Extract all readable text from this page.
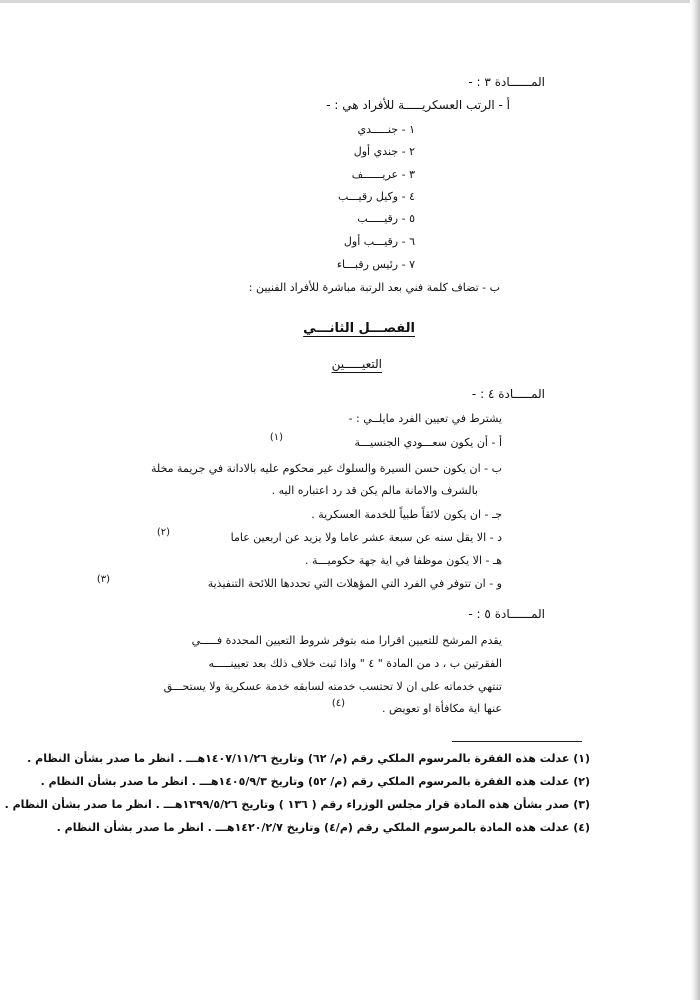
المــــــادة ٣ : -
أ - الرتب العسكريـــــة للأفراد هي : -
١ - جنـــــدي
٢ - جندي أول
٣ - عريــــــف
٤ - وكيل رقيـــب
٥ - رقيـــــب
٦ - رقيـــب أول
٧ - رئيس رقبـــاء
ب - تضاف كلمة فني بعد الرتبة مباشرة للأفراد الفنيين :
الفصـــل الثانـــي
التعيـــــين
المـــــادة ٤ : -
يشترط في تعيين الفرد مايلــي : -
أ - أن يكون سعـــودي الجنسيـــة
(١)
ب - ان يكون حسن السيرة والسلوك غير محكوم عليه بالادانة في جريمة مخلة
بالشرف والامانة مالم يكن قد رد اعتباره اليه .
جـ - ان يكون لائقاً طبياً للخدمة العسكرية .
د - الا يقل سنه عن سبعة عشر عاما ولا يزيد عن اربعين عاما
(٢)
هـ - الا يكون موظفا في اية جهة حكوميـــة .
و - ان تتوفر في الفرد التي المؤهلات التي تحددها اللائحة التنفيذية
(٣)
المــــــادة ٥ : -
يقدم المرشح للتعيين اقرارا منه بتوفر شروط التعيين المحددة فـــــي
الفقرتين ب ، د من المادة " ٤ " واذا ثبت خلاف ذلك بعد تعيينـــــه
تنتهي خدماته على ان لا تحتسب خدمته لسابقه خدمة عسكرية ولا يستحـــق
عنها اية مكافأة او تعويض .
(٤)
(١) عدلت هذه الفقرة بالمرسوم الملكي رقم (م/ ٦٢) وتاريخ ١٤٠٧/١١/٢٦هـــ . انظر ما صدر بشأن النظام .
(٢) عدلت هذه الفقرة بالمرسوم الملكي رقم (م/ ٥٢) وتاريخ ١٤٠٥/٩/٣هـــ . انظر ما صدر بشأن النظام .
(٣) صدر بشأن هذه المادة قرار مجلس الوزراء رقم ( ١٣٦ ) وتاريخ ١٣٩٩/٥/٢٦هـــ . انظر ما صدر بشأن النظام .
(٤) عدلت هذه المادة بالمرسوم الملكي رقم (م/٤) وتاريخ ١٤٢٠/٢/٧هـــ . انظر ما صدر بشأن النظام .
